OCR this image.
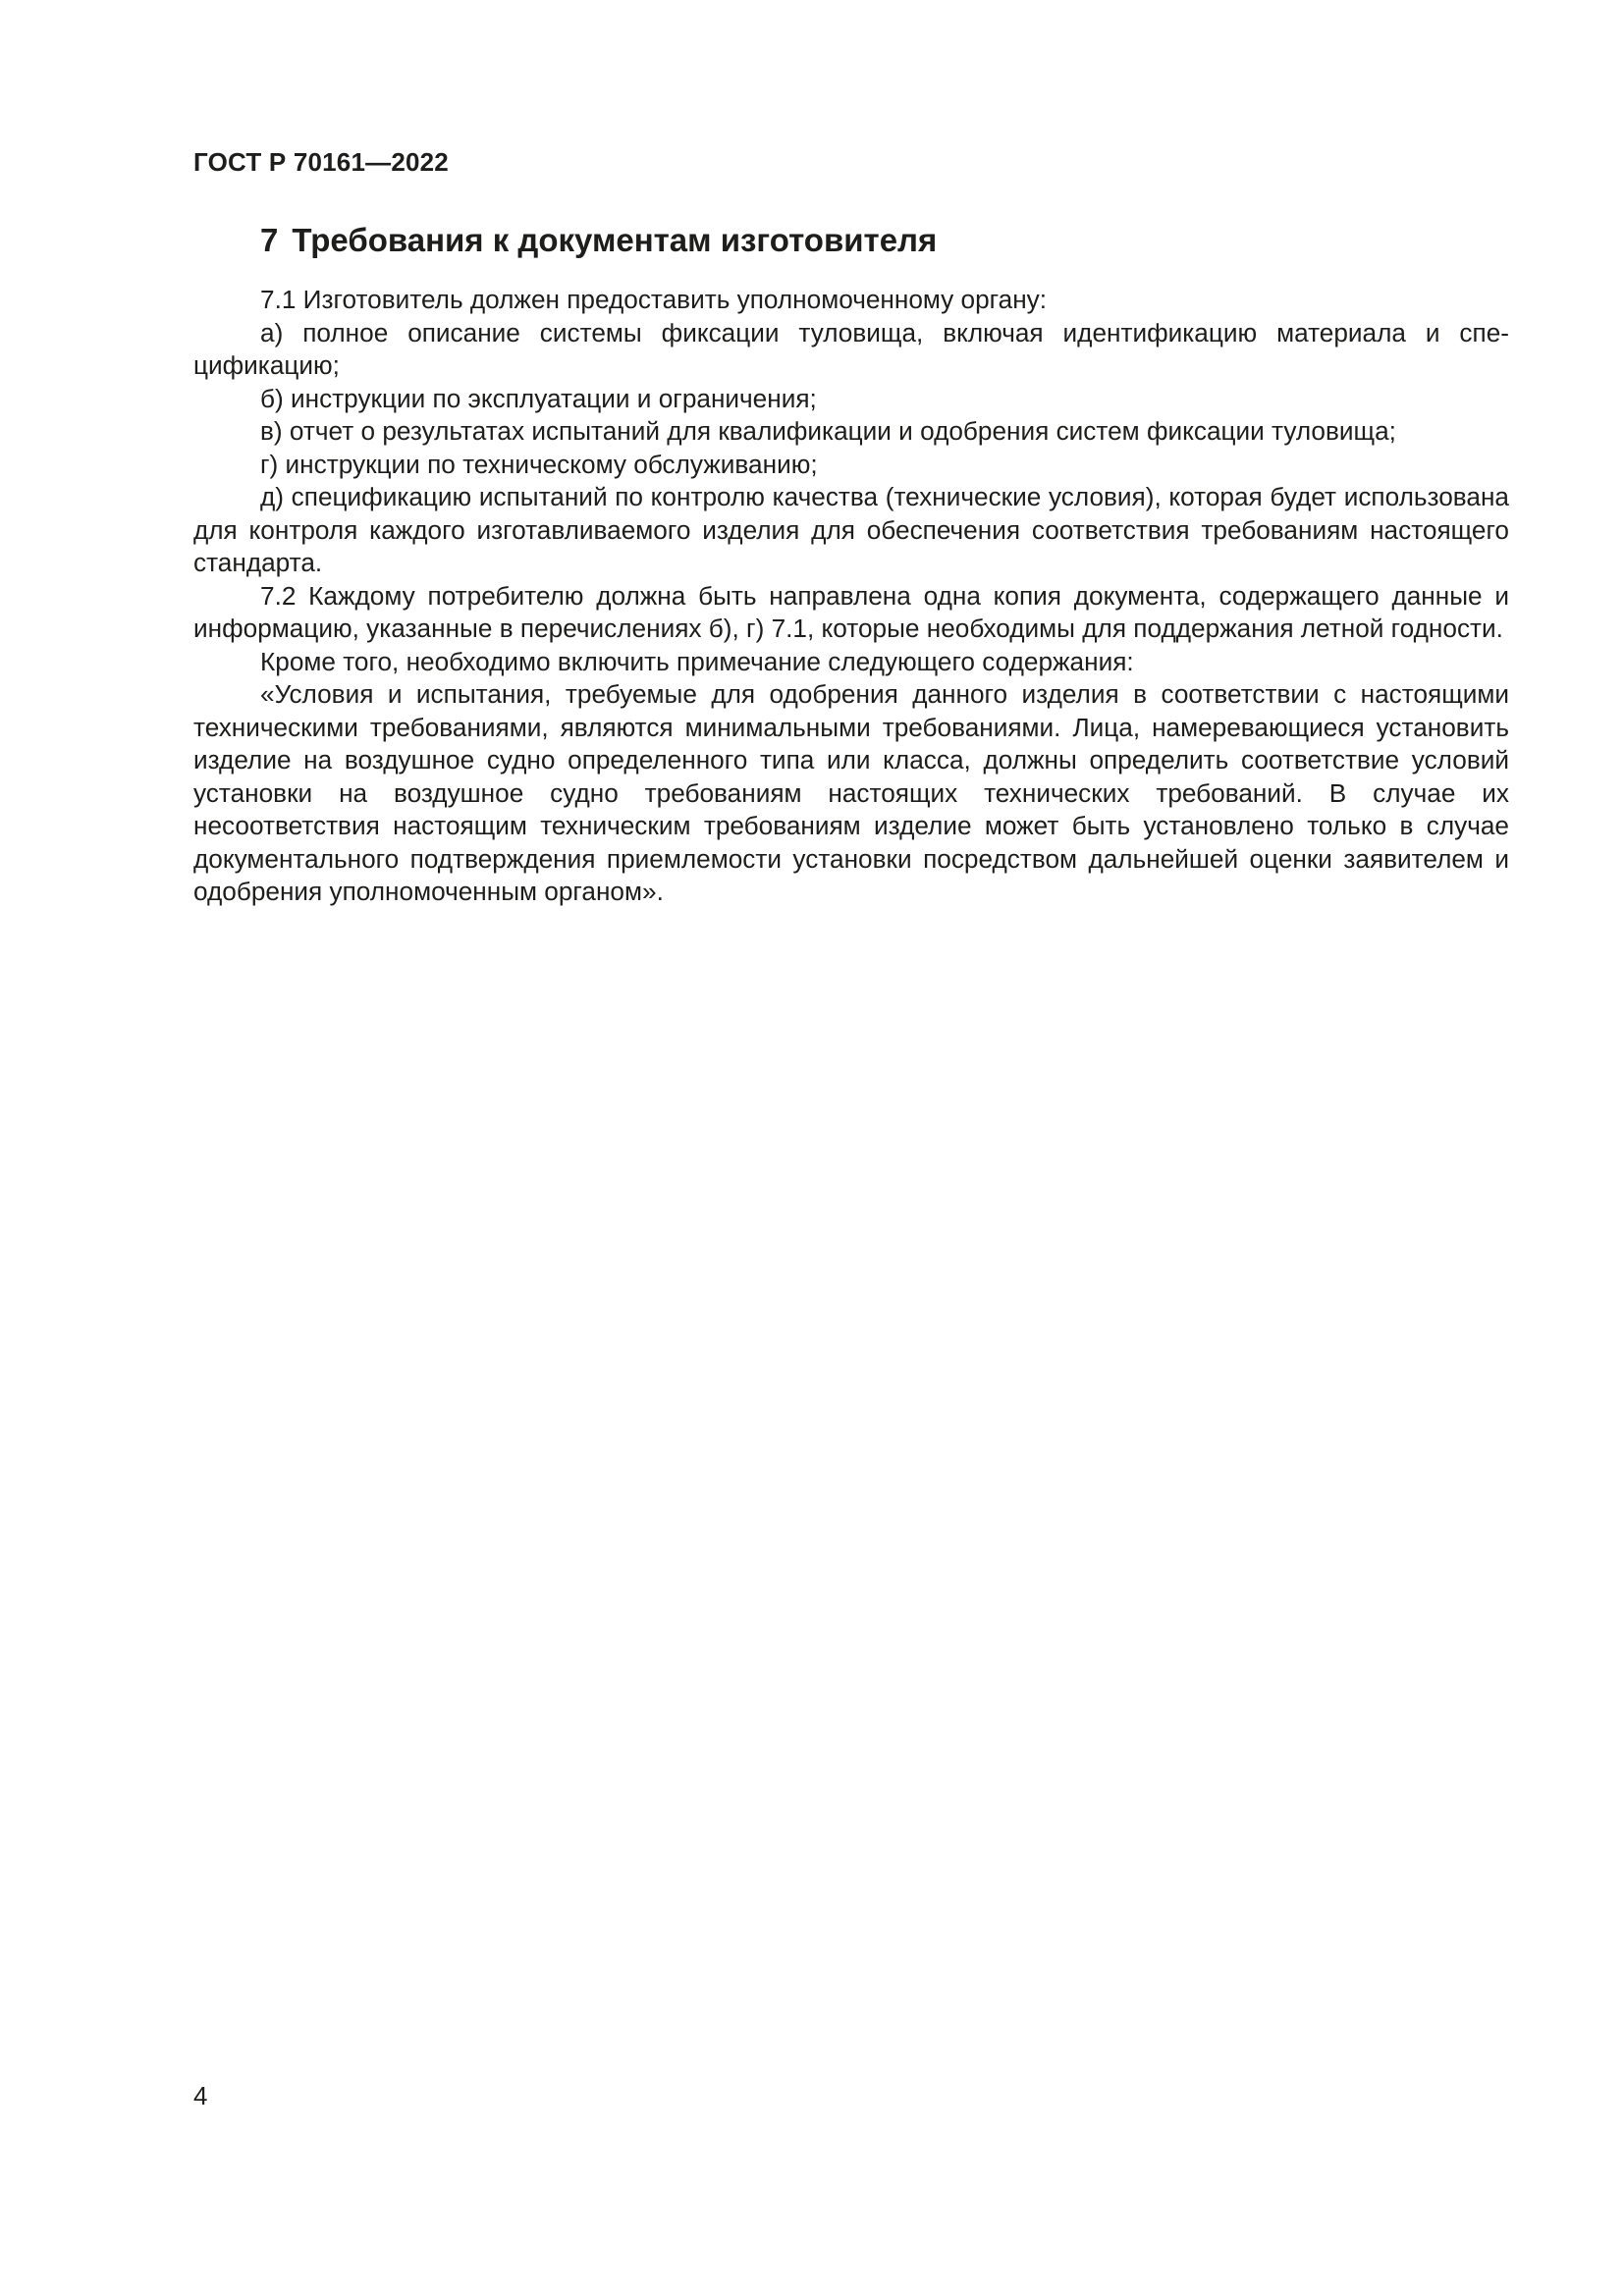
ГОСТ Р 70161—2022
7 Требования к документам изготовителя

7.1 Изготовитель должен предоставить уполномоченному органу:

а) полное описание системы фиксации туловища, включая идентификацию материала и спецификацию;

б) инструкции по эксплуатации и ограничения;

в) отчет о результатах испытаний для квалификации и одобрения систем фиксации туловища;

г) инструкции по техническому обслуживанию;

д) спецификацию испытаний по контролю качества (технические условия), которая будет использована для контроля каждого изготавливаемого изделия для обеспечения соответствия требованиям настоящего стандарта.

7.2 Каждому потребителю должна быть направлена одна копия документа, содержащего данные и информацию, указанные в перечислениях б), г) 7.1, которые необходимы для поддержания летной годности.

Кроме того, необходимо включить примечание следующего содержания:

«Условия и испытания, требуемые для одобрения данного изделия в соответствии с настоящими техническими требованиями, являются минимальными требованиями. Лица, намеревающиеся установить изделие на воздушное судно определенного типа или класса, должны определить соответствие условий установки на воздушное судно требованиям настоящих технических требований. В случае их несоответствия настоящим техническим требованиям изделие может быть установлено только в случае документального подтверждения приемлемости установки посредством дальнейшей оценки заявителем и одобрения уполномоченным органом».

4
